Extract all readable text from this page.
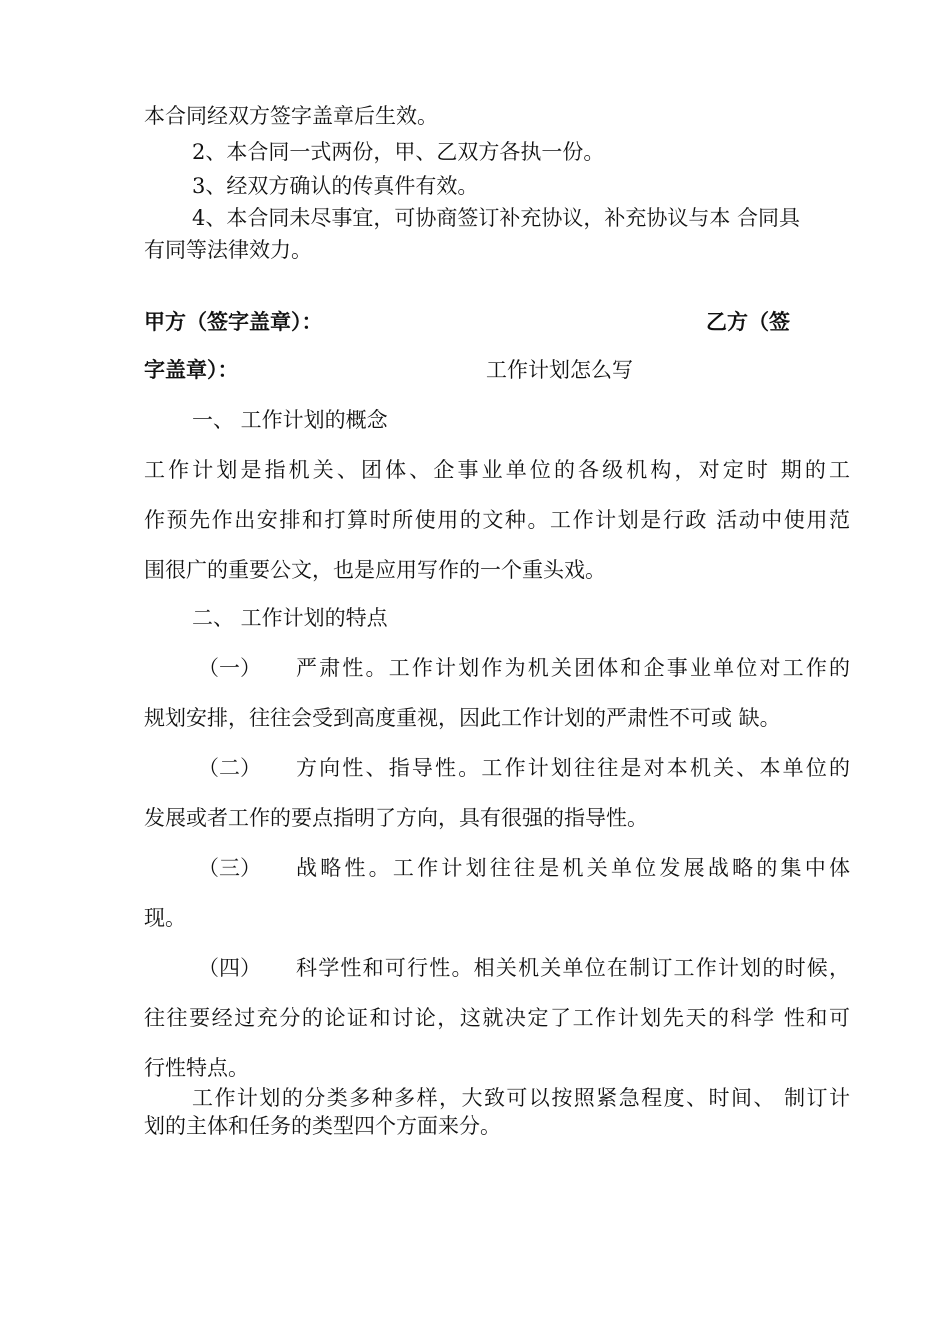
本合同经双方签字盖章后生效。

2、本合同一式两份，甲、乙双方各执一份。

3、经双方确认的传真件有效。

4、本合同未尽事宜，可协商签订补充协议，补充协议与本 合同具

有同等法律效力。

甲方（签字盖章）：	乙方（签

字盖章）：	工作计划怎么写

一、 工作计划的概念

工作计划是指机关、团体、企事业单位的各级机构，对定时 期的工

作预先作出安排和打算时所使用的文种。工作计划是行政 活动中使用范

围很广的重要公文，也是应用写作的一个重头戏。

二、 工作计划的特点

（一） 严肃性。工作计划作为机关团体和企事业单位对工作的

规划安排，往往会受到高度重视，因此工作计划的严肃性不可或 缺。

（二） 方向性、指导性。工作计划往往是对本机关、本单位的

发展或者工作的要点指明了方向，具有很强的指导性。

（三） 战略性。工作计划往往是机关单位发展战略的集中体

现。

（四） 科学性和可行性。相关机关单位在制订工作计划的时候，

往往要经过充分的论证和讨论，这就决定了工作计划先天的科学 性和可

行性特点。

工作计划的分类多种多样，大致可以按照紧急程度、时间、 制订计

划的主体和任务的类型四个方面来分。
